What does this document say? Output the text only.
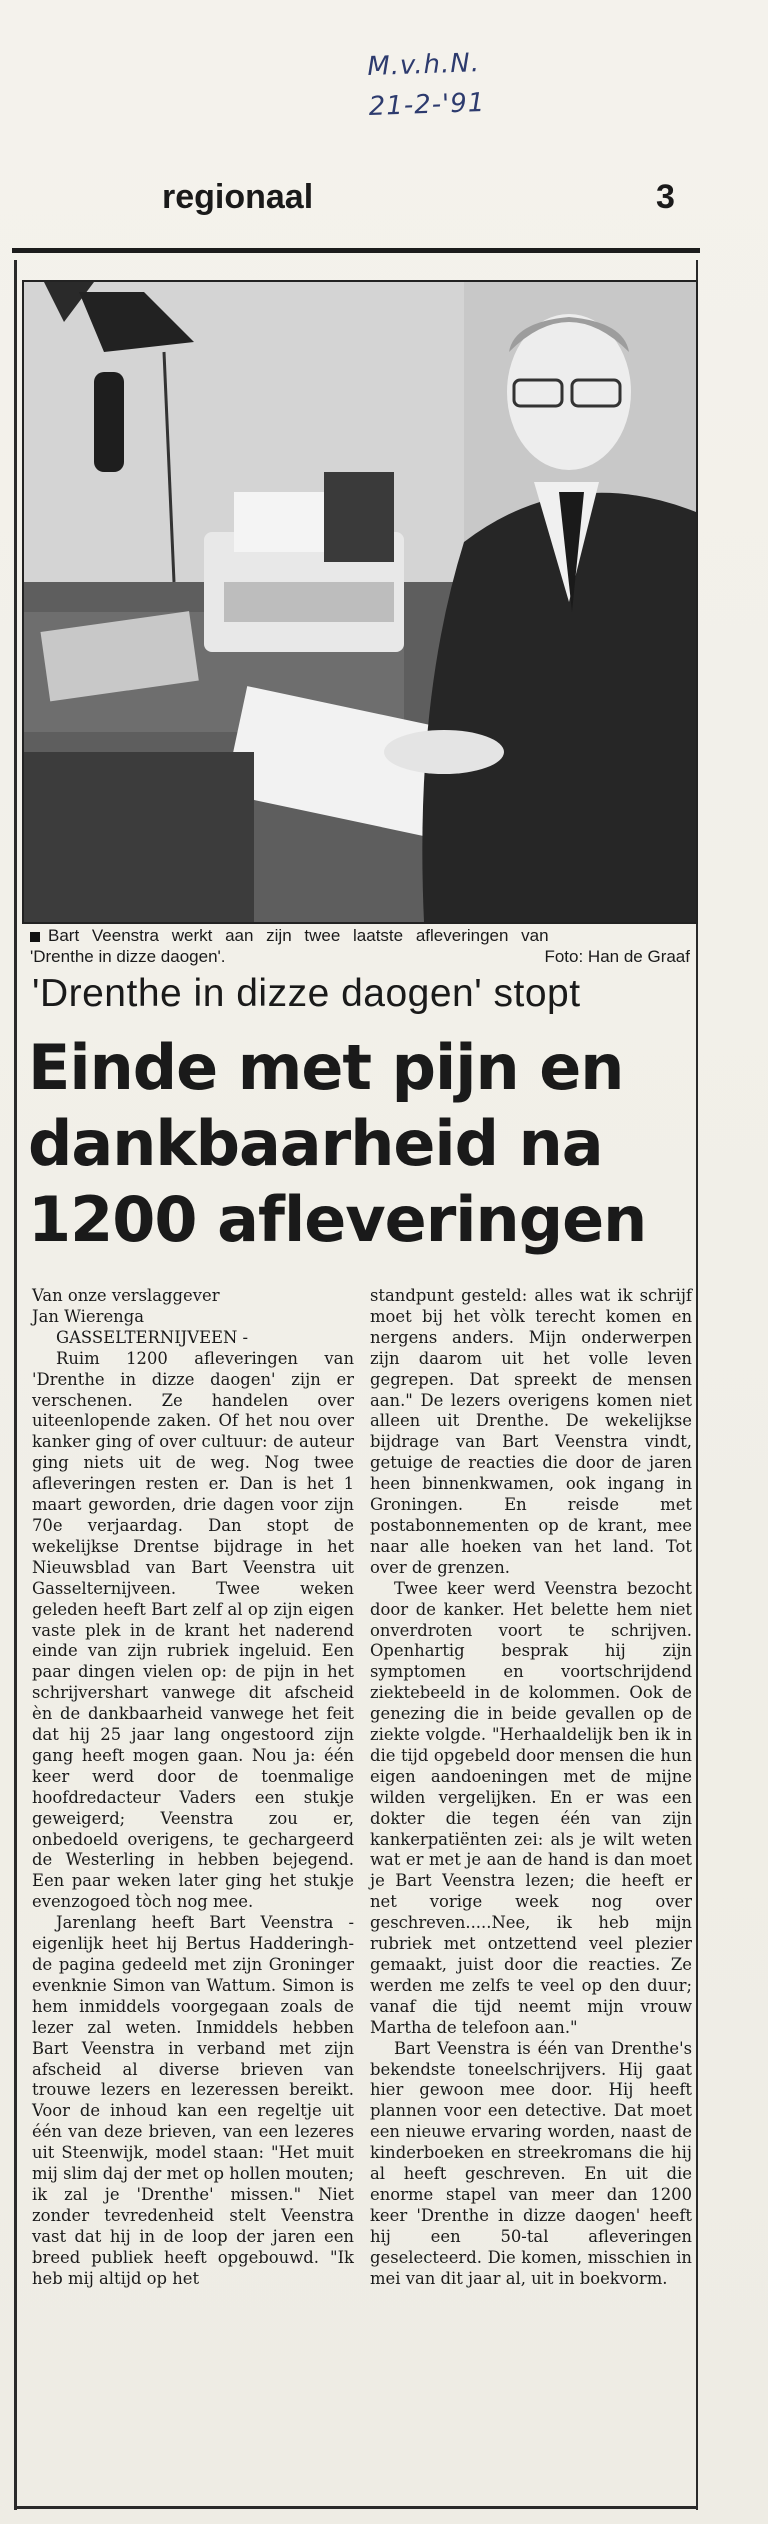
M.v.h.N.
21-2-'91
regionaal	3
Bart Veenstra werkt aan zijn twee laatste afleveringen van
'Drenthe in dizze daogen'.	Foto: Han de Graaf
'Drenthe in dizze daogen' stopt
Einde met pijn en
dankbaarheid na
1200 afleveringen

Van onze verslaggever

Jan Wierenga

GASSELTERNIJVEEN -

Ruim 1200 afleveringen van 'Drenthe in dizze daogen' zijn er verschenen. Ze handelen over uiteenlopende zaken. Of het nou over kanker ging of over cultuur: de auteur ging niets uit de weg. Nog twee afleveringen resten er. Dan is het 1 maart geworden, drie dagen voor zijn 70e verjaardag. Dan stopt de wekelijkse Drentse bijdrage in het Nieuwsblad van Bart Veenstra uit Gasselternijveen. Twee weken geleden heeft Bart zelf al op zijn eigen vaste plek in de krant het naderend einde van zijn rubriek ingeluid. Een paar dingen vielen op: de pijn in het schrijvershart vanwege dit afscheid èn de dankbaarheid vanwege het feit dat hij 25 jaar lang ongestoord zijn gang heeft mogen gaan. Nou ja: één keer werd door de toenmalige hoofdredacteur Vaders een stukje geweigerd; Veenstra zou er, onbedoeld overigens, te gechargeerd de Westerling in hebben bejegend. Een paar weken later ging het stukje evenzogoed tòch nog mee.

Jarenlang heeft Bart Veenstra -eigenlijk heet hij Bertus Hadderingh- de pagina gedeeld met zijn Groninger evenknie Simon van Wattum. Simon is hem inmiddels voorgegaan zoals de lezer zal weten. Inmiddels hebben Bart Veenstra in verband met zijn afscheid al diverse brieven van trouwe lezers en lezeressen bereikt. Voor de inhoud kan een regeltje uit één van deze brieven, van een lezeres uit Steenwijk, model staan: "Het muit mij slim daj der met op hollen mouten; ik zal je 'Drenthe' missen." Niet zonder tevredenheid stelt Veenstra vast dat hij in de loop der jaren een breed publiek heeft opgebouwd. "Ik heb mij altijd op het

standpunt gesteld: alles wat ik schrijf moet bij het vòlk terecht komen en nergens anders. Mijn onderwerpen zijn daarom uit het volle leven gegrepen. Dat spreekt de mensen aan." De lezers overigens komen niet alleen uit Drenthe. De wekelijkse bijdrage van Bart Veenstra vindt, getuige de reacties die door de jaren heen binnenkwamen, ook ingang in Groningen. En reisde met postabonnementen op de krant, mee naar alle hoeken van het land. Tot over de grenzen.

Twee keer werd Veenstra bezocht door de kanker. Het belette hem niet onverdroten voort te schrijven. Openhartig besprak hij zijn symptomen en voortschrijdend ziektebeeld in de kolommen. Ook de genezing die in beide gevallen op de ziekte volgde. "Herhaaldelijk ben ik in die tijd opgebeld door mensen die hun eigen aandoeningen met de mijne wilden vergelijken. En er was een dokter die tegen één van zijn kankerpatiënten zei: als je wilt weten wat er met je aan de hand is dan moet je Bart Veenstra lezen; die heeft er net vorige week nog over geschreven.....Nee, ik heb mijn rubriek met ontzettend veel plezier gemaakt, juist door die reacties. Ze werden me zelfs te veel op den duur; vanaf die tijd neemt mijn vrouw Martha de telefoon aan."

Bart Veenstra is één van Drenthe's bekendste toneelschrijvers. Hij gaat hier gewoon mee door. Hij heeft plannen voor een detective. Dat moet een nieuwe ervaring worden, naast de kinderboeken en streekromans die hij al heeft geschreven. En uit die enorme stapel van meer dan 1200 keer 'Drenthe in dizze daogen' heeft hij een 50-tal afleveringen geselecteerd. Die komen, misschien in mei van dit jaar al, uit in boekvorm.
